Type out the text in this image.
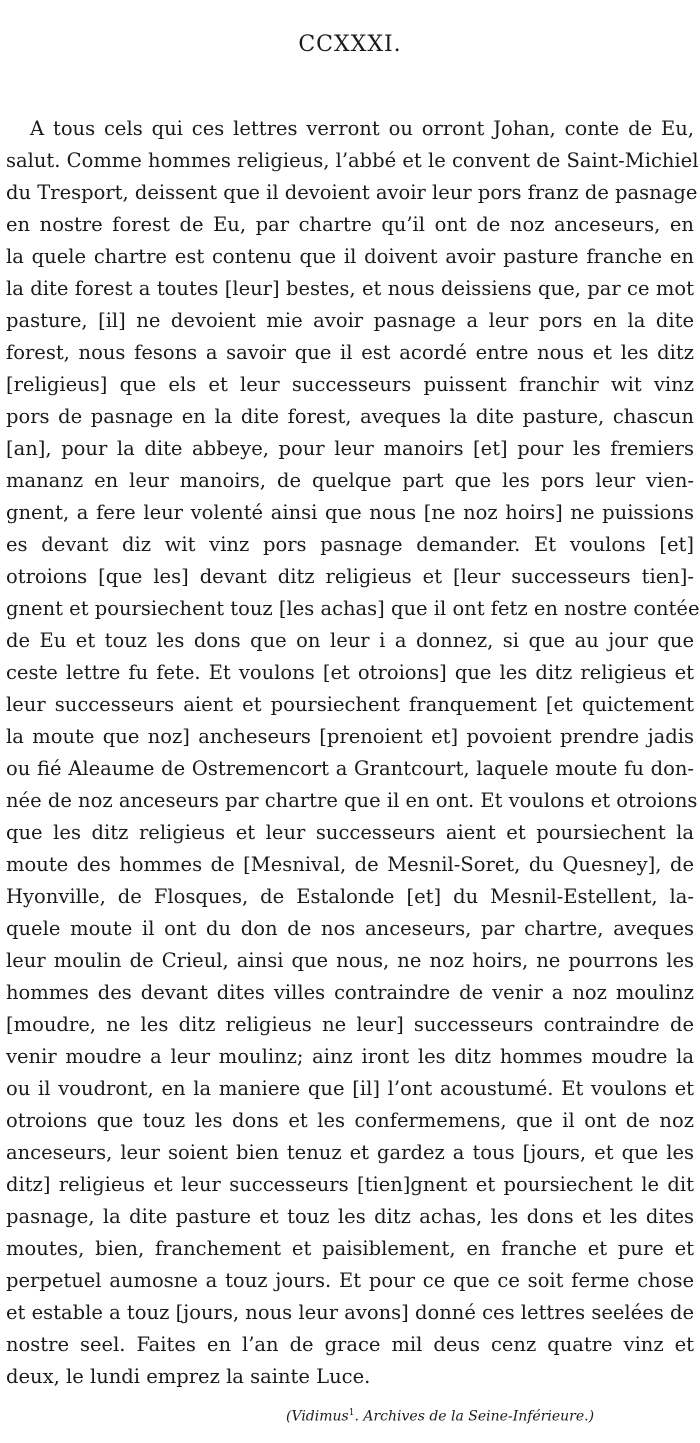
CCXXXI.
A tous cels qui ces lettres verront ou orront Johan, conte de Eu,
salut. Comme hommes religieus, l’abbé et le convent de Saint-Michiel
du Tresport, deissent que il devoient avoir leur pors franz de pasnage
en nostre forest de Eu, par chartre qu’il ont de noz anceseurs, en
la quele chartre est contenu que il doivent avoir pasture franche en
la dite forest a toutes [leur] bestes, et nous deissiens que, par ce mot
pasture, [il] ne devoient mie avoir pasnage a leur pors en la dite
forest, nous fesons a savoir que il est acordé entre nous et les ditz
[religieus] que els et leur successeurs puissent franchir wit vinz
pors de pasnage en la dite forest, aveques la dite pasture, chascun
[an], pour la dite abbeye, pour leur manoirs [et] pour les fremiers
mananz en leur manoirs, de quelque part que les pors leur vien-
gnent, a fere leur volenté ainsi que nous [ne noz hoirs] ne puissions
es devant diz wit vinz pors pasnage demander. Et voulons [et]
otroions [que les] devant ditz religieus et [leur successeurs tien]-
gnent et poursiechent touz [les achas] que il ont fetz en nostre contée
de Eu et touz les dons que on leur i a donnez, si que au jour que
ceste lettre fu fete. Et voulons [et otroions] que les ditz religieus et
leur successeurs aient et poursiechent franquement [et quictement
la moute que noz] ancheseurs [prenoient et] povoient prendre jadis
ou fié Aleaume de Ostremencort a Grantcourt, laquele moute fu don-
née de noz anceseurs par chartre que il en ont. Et voulons et otroions
que les ditz religieus et leur successeurs aient et poursiechent la
moute des hommes de [Mesnival, de Mesnil-Soret, du Quesney], de
Hyonville, de Flosques, de Estalonde [et] du Mesnil-Estellent, la-
quele moute il ont du don de nos anceseurs, par chartre, aveques
leur moulin de Crieul, ainsi que nous, ne noz hoirs, ne pourrons les
hommes des devant dites villes contraindre de venir a noz moulinz
[moudre, ne les ditz religieus ne leur] successeurs contraindre de
venir moudre a leur moulinz; ainz iront les ditz hommes moudre la
ou il voudront, en la maniere que [il] l’ont acoustumé. Et voulons et
otroions que touz les dons et les confermemens, que il ont de noz
anceseurs, leur soient bien tenuz et gardez a tous [jours, et que les
ditz] religieus et leur successeurs [tien]gnent et poursiechent le dit
pasnage, la dite pasture et touz les ditz achas, les dons et les dites
moutes, bien, franchement et paisiblement, en franche et pure et
perpetuel aumosne a touz jours. Et pour ce que ce soit ferme chose
et estable a touz [jours, nous leur avons] donné ces lettres seelées de
nostre seel. Faites en l’an de grace mil deus cenz quatre vinz et
deux, le lundi emprez la sainte Luce.
(Vidimus$^1$. Archives de la Seine-Inférieure.)
